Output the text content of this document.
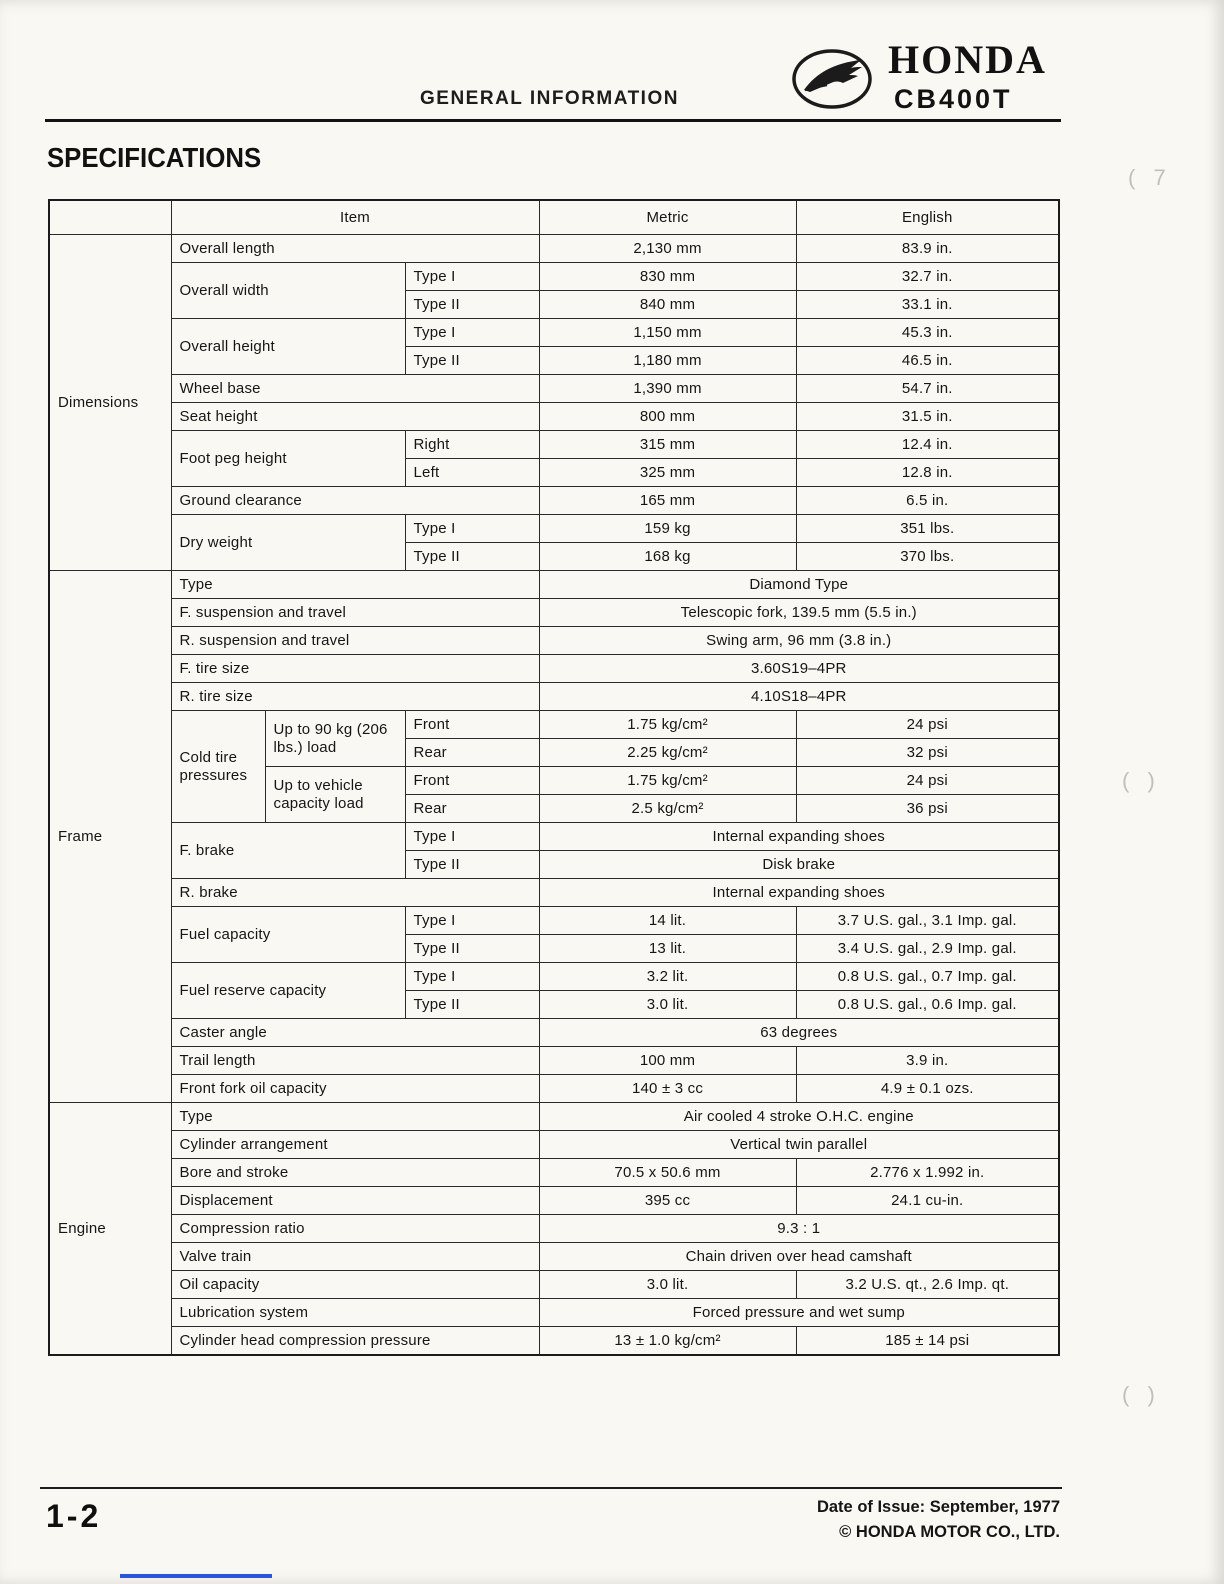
GENERAL INFORMATION
HONDA
CB400T
SPECIFICATIONS
	Item			Metric	English
Dimensions	Overall length			2,130 mm	83.9 in.
	Overall width		Type I	830 mm	32.7 in.
			Type II	840 mm	33.1 in.
	Overall height		Type I	1,150 mm	45.3 in.
			Type II	1,180 mm	46.5 in.
	Wheel base			1,390 mm	54.7 in.
	Seat height			800 mm	31.5 in.
	Foot peg height		Right	315 mm	12.4 in.
			Left	325 mm	12.8 in.
	Ground clearance			165 mm	6.5 in.
	Dry weight		Type I	159 kg	351 lbs.
			Type II	168 kg	370 lbs.
Frame	Type			Diamond Type	
	F. suspension and travel			Telescopic fork, 139.5 mm (5.5 in.)	
	R. suspension and travel			Swing arm, 96 mm (3.8 in.)	
	F. tire size			3.60S19–4PR	
	R. tire size			4.10S18–4PR	
	Cold tire pressures	Up to 90 kg (206 lbs.) load	Front	1.75 kg/cm²	24 psi
			Rear	2.25 kg/cm²	32 psi
		Up to vehicle capacity load	Front	1.75 kg/cm²	24 psi
			Rear	2.5 kg/cm²	36 psi
	F. brake		Type I	Internal expanding shoes	
			Type II	Disk brake	
	R. brake			Internal expanding shoes	
	Fuel capacity		Type I	14 lit.	3.7 U.S. gal., 3.1 Imp. gal.
			Type II	13 lit.	3.4 U.S. gal., 2.9 Imp. gal.
	Fuel reserve capacity		Type I	3.2 lit.	0.8 U.S. gal., 0.7 Imp. gal.
			Type II	3.0 lit.	0.8 U.S. gal., 0.6 Imp. gal.
	Caster angle			63 degrees	
	Trail length			100 mm	3.9 in.
	Front fork oil capacity			140 ± 3 cc	4.9 ± 0.1 ozs.
Engine	Type			Air cooled 4 stroke O.H.C. engine	
	Cylinder arrangement			Vertical twin parallel	
	Bore and stroke			70.5 x 50.6 mm	2.776 x 1.992 in.
	Displacement			395 cc	24.1 cu-in.
	Compression ratio			9.3 : 1	
	Valve train			Chain driven over head camshaft	
	Oil capacity			3.0 lit.	3.2 U.S. qt., 2.6 Imp. qt.
	Lubrication system			Forced pressure and wet sump	
	Cylinder head compression pressure			13 ± 1.0 kg/cm²	185 ± 14 psi
( 7
( )
( )
1-2	Date of Issue: September, 1977
© HONDA MOTOR CO., LTD.
